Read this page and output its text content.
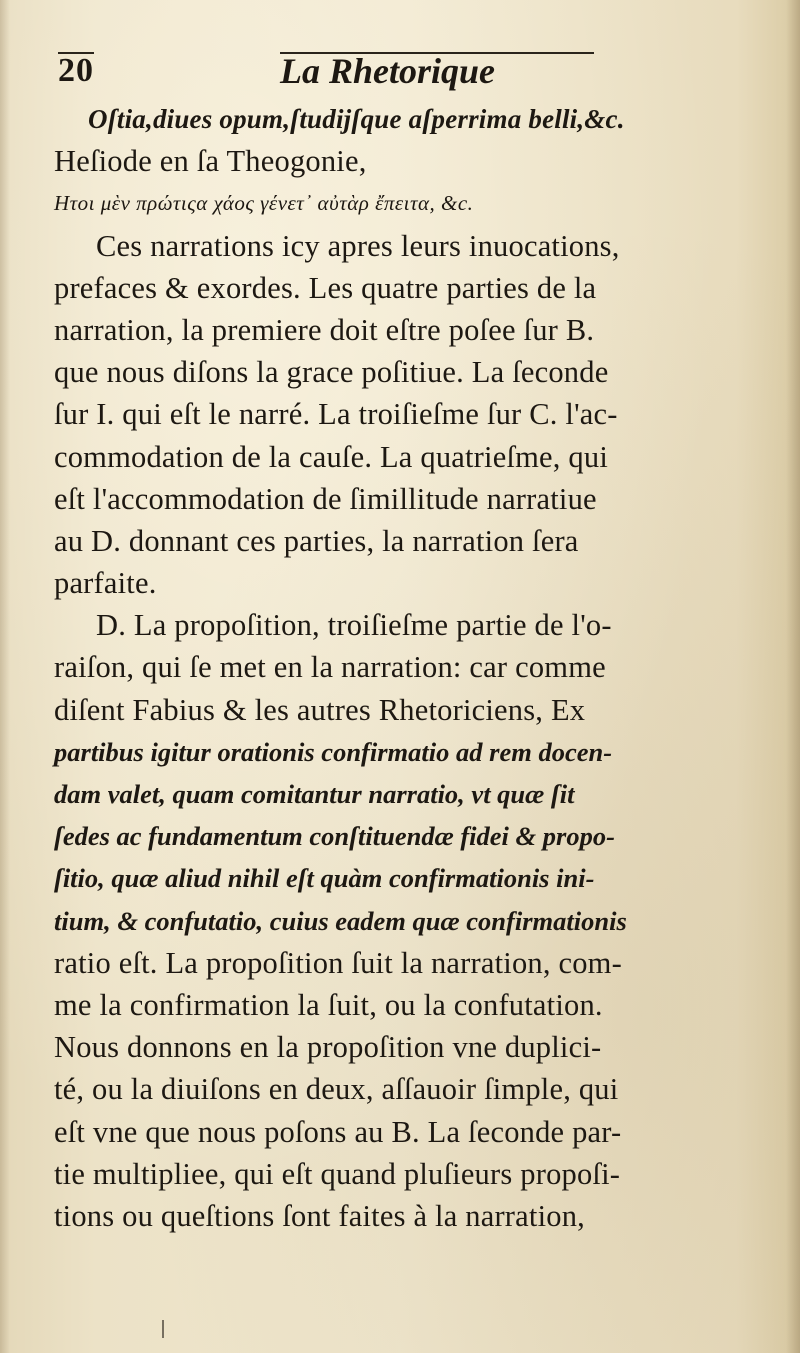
20	La Rhetorique
Oſtia,diues opum,ſtudijſque aſperrima belli,&c.
Heſiode en ſa Theogonie,
Ητοι μὲν πρώτιςα χάος γένετ᾽ αὐτὰρ ἔπειτα, &c.
Ces narrations icy apres leurs inuocations,
prefaces & exordes. Les quatre parties de la
narration, la premiere doit eſtre poſee ſur B.
que nous diſons la grace poſitiue. La ſeconde
ſur I. qui eſt le narré. La troiſieſme ſur C. l'ac-
commodation de la cauſe. La quatrieſme, qui
eſt l'accommodation de ſimillitude narratiue
au D. donnant ces parties, la narration ſera
parfaite.
D. La propoſition, troiſieſme partie de l'o-
raiſon, qui ſe met en la narration: car comme
diſent Fabius & les autres Rhetoriciens, Ex
partibus igitur orationis confirmatio ad rem docen-
dam valet, quam comitantur narratio, vt quæ ſit
ſedes ac fundamentum conſtituendæ fidei & propo-
ſitio, quæ aliud nihil eſt quàm confirmationis ini-
tium, & confutatio, cuius eadem quæ confirmationis
ratio eſt. La propoſition ſuit la narration, com-
me la confirmation la ſuit, ou la confutation.
Nous donnons en la propoſition vne duplici-
té, ou la diuiſons en deux, aſſauoir ſimple, qui
eſt vne que nous poſons au B. La ſeconde par-
tie multipliee, qui eſt quand pluſieurs propoſi-
tions ou queſtions ſont faites à la narration,
